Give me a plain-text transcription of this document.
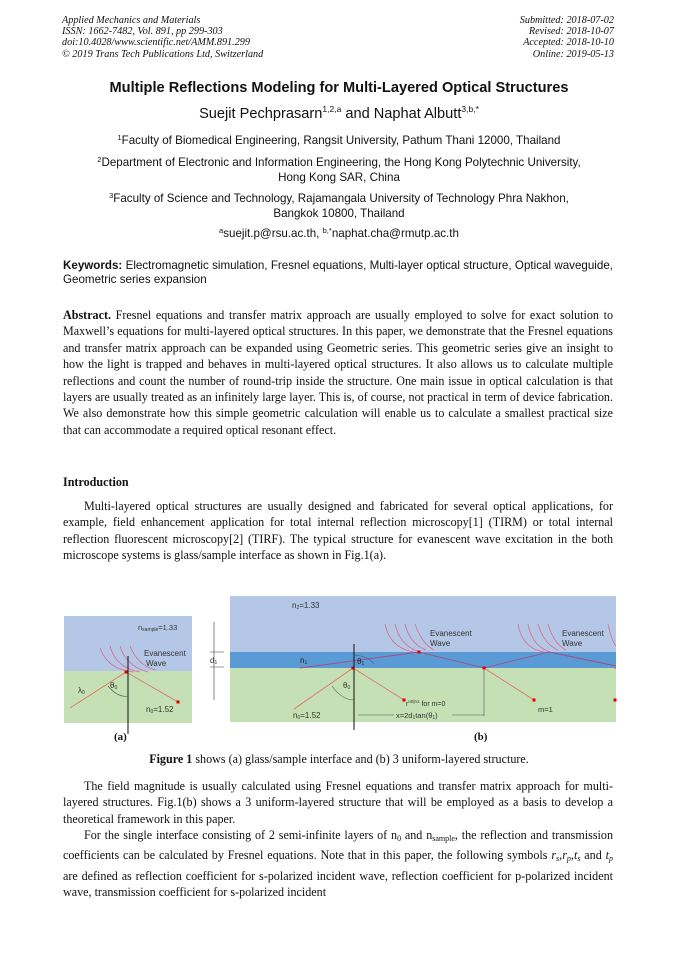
Applied Mechanics and Materials
ISSN: 1662-7482, Vol. 891, pp 299-303
doi:10.4028/www.scientific.net/AMM.891.299
© 2019 Trans Tech Publications Ltd, Switzerland
Submitted: 2018-07-02
Revised: 2018-10-07
Accepted: 2018-10-10
Online: 2019-05-13
Multiple Reflections Modeling for Multi-Layered Optical Structures
Suejit Pechprasarn$^{1,2,a}$ and Naphat Albutt$^{3,b,*}$
$^1$Faculty of Biomedical Engineering, Rangsit University, Pathum Thani 12000, Thailand
$^2$Department of Electronic and Information Engineering, the Hong Kong Polytechnic University,
Hong Kong SAR, China
$^3$Faculty of Science and Technology, Rajamangala University of Technology Phra Nakhon,
Bangkok 10800, Thailand
$^a$suejit.p@rsu.ac.th, $^{b,*}$naphat.cha@rmutp.ac.th
Keywords: Electromagnetic simulation, Fresnel equations, Multi-layer optical structure, Optical waveguide, Geometric series expansion
Abstract. Fresnel equations and transfer matrix approach are usually employed to solve for exact solution to Maxwell’s equations for multi-layered optical structures. In this paper, we demonstrate that the Fresnel equations and transfer matrix approach can be expanded using Geometric series. This geometric series give an insight to how the light is trapped and behaves in multi-layered optical structures. It also allows us to calculate multiple reflections and count the number of round-trip inside the structure. One main issue in optical calculation is that layers are usually treated as an infinitely large layer. This is, of course, not practical in term of device fabrication. We also demonstrate how this simple geometric calculation will enable us to calculate a smallest practical size that can accommodate a required optical resonant effect.
Introduction
Multi-layered optical structures are usually designed and fabricated for several optical applications, for example, field enhancement application for total internal reflection microscopy[1] (TIRM) or total internal reflection fluorescent microscopy[2] (TIRF). The typical structure for evanescent wave excitation in the both microscope systems is glass/sample interface as shown in Fig.1(a).
nsample=1.33
Evanescent
Wave
λ0
θ0
n0=1.52
(a)
d1
n2=1.33
n1	θ1
θ0
Evanescent
Wave
Evanescent
Wave
$r^{n0|n1}$ for m=0
n0=1.52	x=2d1tan(θ1)
m=1
(b)
Figure 1 shows (a) glass/sample interface and (b) 3 uniform-layered structure.
The field magnitude is usually calculated using Fresnel equations and transfer matrix approach for multi-layered structures. Fig.1(b) shows a 3 uniform-layered structure that will be employed as a basis to develop a theoretical framework in this paper.
For the single interface consisting of 2 semi-infinite layers of $n_0$ and $n_{sample}$, the reflection and transmission coefficients can be calculated by Fresnel equations. Note that in this paper, the following symbols $r_s,r_p,t_s$ and $t_p$ are defined as reflection coefficient for s-polarized incident wave, reflection coefficient for p-polarized incident wave, transmission coefficient for s-polarized incident
